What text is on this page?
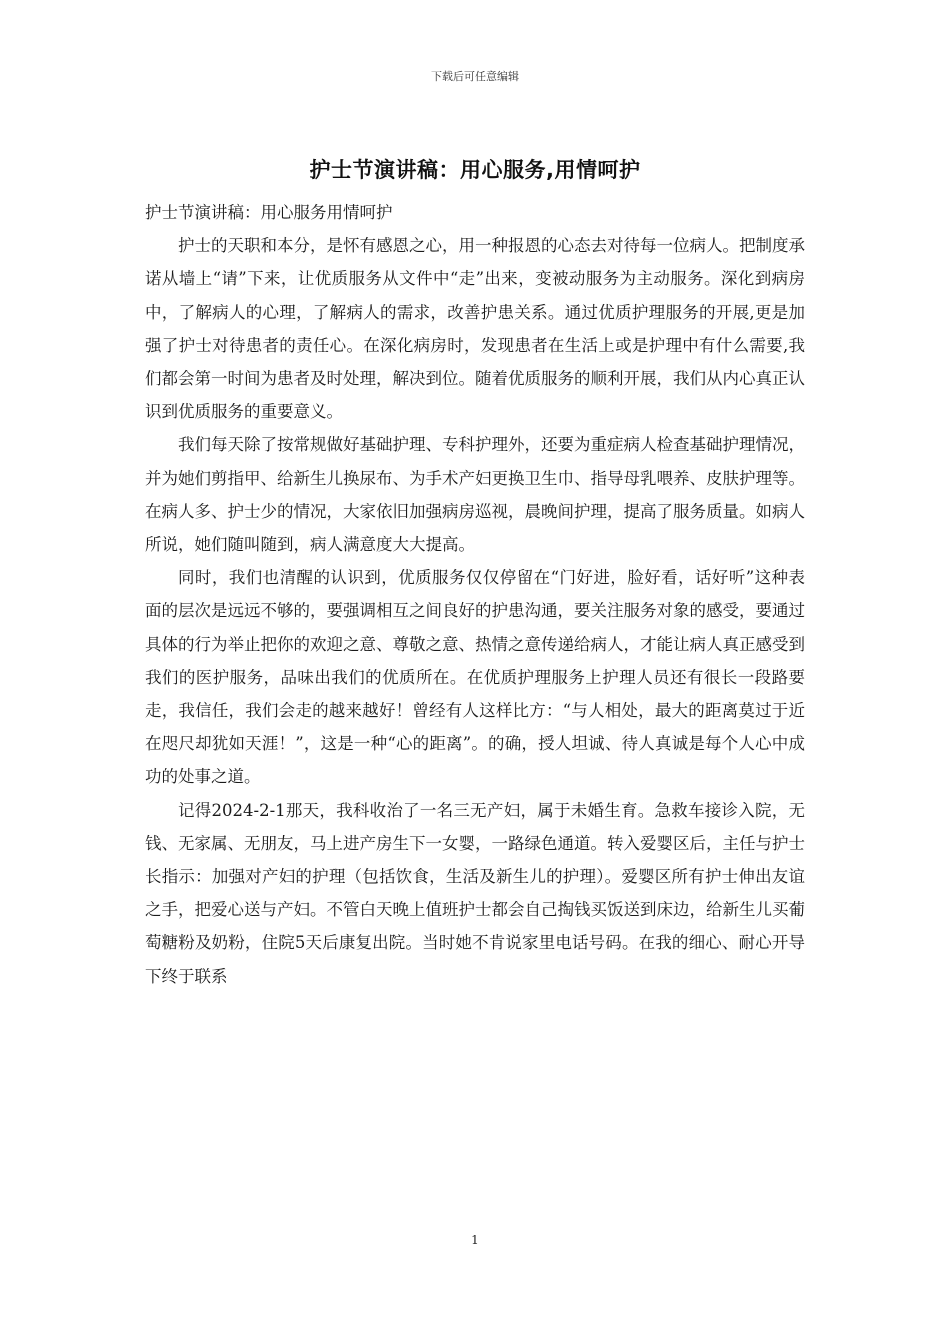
下载后可任意编辑
护士节演讲稿：用心服务,用情呵护

护士节演讲稿：用心服务用情呵护

护士的天职和本分，是怀有感恩之心，用一种报恩的心态去对待每一位病人。把制度承诺从墙上“请”下来，让优质服务从文件中“走”出来，变被动服务为主动服务。深化到病房中，了解病人的心理，了解病人的需求，改善护患关系。通过优质护理服务的开展,更是加强了护士对待患者的责任心。在深化病房时，发现患者在生活上或是护理中有什么需要,我们都会第一时间为患者及时处理，解决到位。随着优质服务的顺利开展，我们从内心真正认识到优质服务的重要意义。

我们每天除了按常规做好基础护理、专科护理外，还要为重症病人检查基础护理情况，并为她们剪指甲、给新生儿换尿布、为手术产妇更换卫生巾、指导母乳喂养、皮肤护理等。在病人多、护士少的情况，大家依旧加强病房巡视，晨晚间护理，提高了服务质量。如病人所说，她们随叫随到，病人满意度大大提高。

同时，我们也清醒的认识到，优质服务仅仅停留在“门好进，脸好看，话好听”这种表面的层次是远远不够的，要强调相互之间良好的护患沟通，要关注服务对象的感受，要通过具体的行为举止把你的欢迎之意、尊敬之意、热情之意传递给病人，才能让病人真正感受到我们的医护服务，品味出我们的优质所在。在优质护理服务上护理人员还有很长一段路要走，我信任，我们会走的越来越好！曾经有人这样比方：“与人相处，最大的距离莫过于近在咫尺却犹如天涯！”，这是一种“心的距离”。的确，授人坦诚、待人真诚是每个人心中成功的处事之道。

记得2024-2-1那天，我科收治了一名三无产妇，属于未婚生育。急救车接诊入院，无钱、无家属、无朋友，马上进产房生下一女婴，一路绿色通道。转入爱婴区后，主任与护士长指示：加强对产妇的护理（包括饮食，生活及新生儿的护理）。爱婴区所有护士伸出友谊之手，把爱心送与产妇。不管白天晚上值班护士都会自己掏钱买饭送到床边，给新生儿买葡萄糖粉及奶粉，住院5天后康复出院。当时她不肯说家里电话号码。在我的细心、耐心开导下终于联系

1
